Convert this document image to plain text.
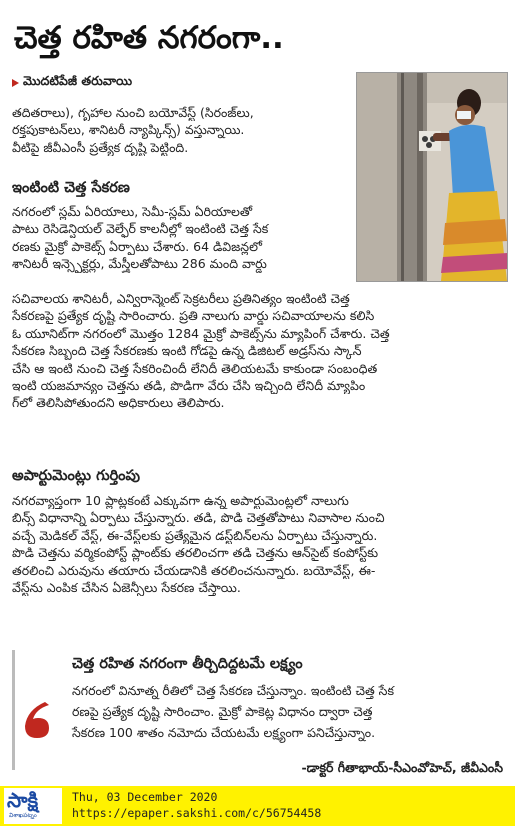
చెత్త రహిత నగరంగా..
మొదటిపేజీ తరువాయి
తదితరాలు), గృహాల నుంచి బయోవేస్ట్ (సిరంజ్‌లు,
రక్తపుకాటన్‌లు, శానిటరీ న్యాప్కిన్స్) వస్తున్నాయి.
వీటిపై జీవీఎంసీ ప్రత్యేక దృష్టి పెట్టింది.
ఇంటింటి చెత్త సేకరణ
నగరంలో స్లమ్ ఏరియాలు, సెమీ-స్లమ్ ఏరియాలతో
పాటు రెసిడెన్షియల్ వెల్ఫేర్ కాలనీల్లో ఇంటింటి చెత్త సేక
రణకు మైక్రో పాకెట్స్ ఏర్పాటు చేశారు. 64 డివిజన్లలో
శానిటరీ ఇన్స్పెక్టర్లు, మేస్త్రీలతోపాటు 286 మంది వార్డు
సచివాలయ శానిటరీ, ఎన్విరాన్మెంట్ సెక్రటరీలు ప్రతినిత్యం ఇంటింటి చెత్త
సేకరణపై ప్రత్యేక దృష్టి సారించారు. ప్రతి నాలుగు వార్డు సచివాయాలను కలిసి
ఓ యూనిట్‌గా నగరంలో మొత్తం 1284 మైక్రో పాకెట్స్‌ను మ్యాపింగ్ చేశారు. చెత్త
సేకరణ సిబ్బంది చెత్త సేకరణకు ఇంటి గోడపై ఉన్న డిజిటల్ అడ్రస్‌ను స్కాన్
చేసి ఆ ఇంటి నుంచి చెత్త సేకరించిందీ లేనిదీ తెలియటమే కాకుండా సంబంధిత
ఇంటి యజమాన్యం చెత్తను తడి, పొడిగా వేరు చేసి ఇచ్చింది లేనిదీ మ్యాపిం
గ్‌లో తెలిసిపోతుందని అధికారులు తెలిపారు.
అపార్టుమెంట్లు గుర్తింపు
నగరవ్యాప్తంగా 10 ప్లాట్లకంటే ఎక్కువగా ఉన్న అపార్టుమెంట్లలో నాలుగు
బిన్స్ విధానాన్ని ఏర్పాటు చేస్తున్నారు. తడి, పొడి చెత్తతోపాటు నివాసాల నుంచి
వచ్చే మెడికల్ వేస్ట్, ఈ-వేస్ట్‌లకు ప్రత్యేమైన డస్ట్‌బిన్‌లను ఏర్పాటు చేస్తున్నారు.
పొడి చెత్తను వర్మికంపోస్ట్ ప్లాంట్‌కు తరలించగా తడి చెత్తను ఆన్‌సైట్ కంపోస్ట్‌కు
తరలించి ఎరువును తయారు చేయడానికి తరలించనున్నారు. బయోవేస్ట్, ఈ-
వేస్ట్‌ను ఎంపిక చేసిన ఏజెన్సీలు సేకరణ చేస్తాయి.
చెత్త రహిత నగరంగా తీర్చిదిద్దటమే లక్ష్యం
నగరంలో వినూత్న రీతిలో చెత్త సేకరణ చేస్తున్నాం. ఇంటింటి చెత్త సేక
రణపై ప్రత్యేక దృష్టి సారించాం. మైక్రో పాకెట్ల విధానం ద్వారా చెత్త
సేకరణ 100 శాతం నమోదు చేయటమే లక్ష్యంగా పనిచేస్తున్నాం.
-డాక్టర్ గీతాభాయ్-సీఎంవోహెచ్, జీవీఎంసీ
సాక్షి
విశాఖపట్నం
Thu, 03 December 2020
https://epaper.sakshi.com/c/56754458
